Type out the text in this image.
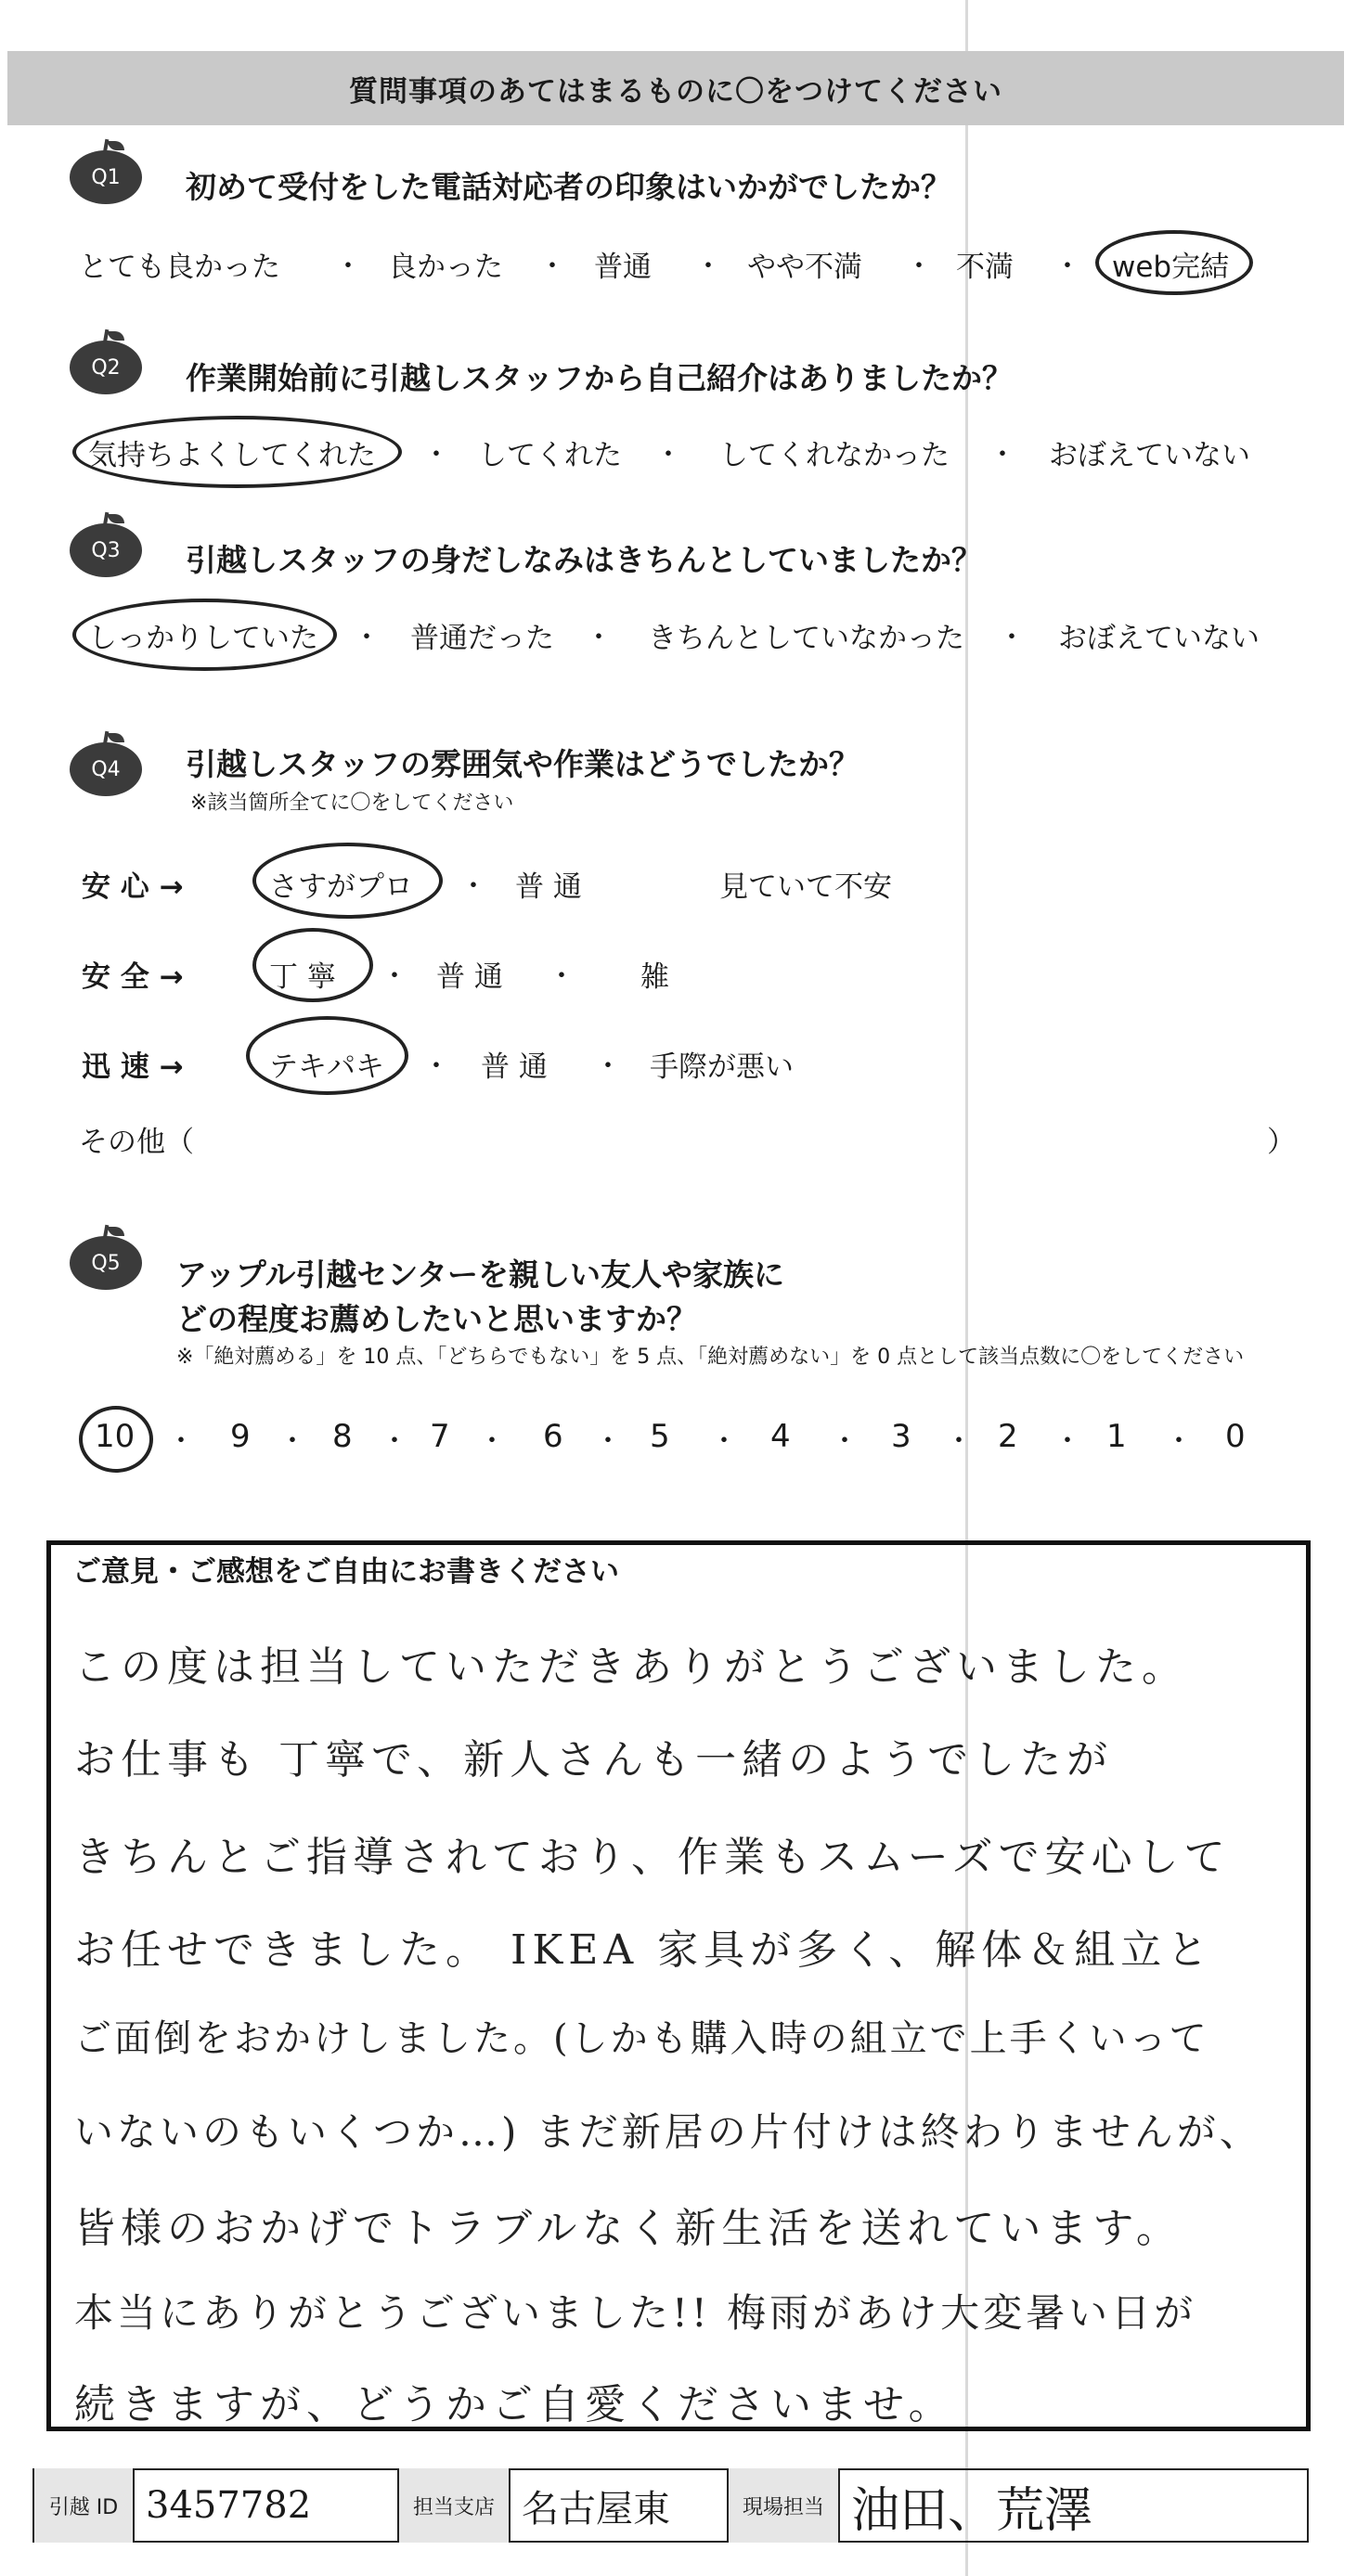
質問事項のあてはまるものに〇をつけてください
Q1 初めて受付をした電話対応者の印象はいかがでしたか？
とても良かった ・ 良かった ・ 普通 ・ やや不満 ・ 不満 ・ web完結
Q2 作業開始前に引越しスタッフから自己紹介はありましたか？
気持ちよくしてくれた ・ してくれた ・ してくれなかった ・ おぼえていない
Q3 引越しスタッフの身だしなみはきちんとしていましたか？
しっかりしていた ・ 普通だった ・ きちんとしていなかった ・ おぼえていない
Q4 引越しスタッフの雰囲気や作業はどうでしたか？
※該当箇所全てに〇をしてください
安 心 →	さすがプロ ・ 普 通	見ていて不安
安 全 →	丁 寧 ・ 普 通 ・ 雑
迅 速 →	テキパキ ・ 普 通 ・ 手際が悪い
その他（	）
Q5 アップル引越センターを親しい友人や家族に
どの程度お薦めしたいと思いますか？
※「絶対薦める」を 10 点、「どちらでもない」を 5 点、「絶対薦めない」を 0 点として該当点数に〇をしてください
10 ・ 9 ・ 8 ・ 7 ・ 6 ・ 5 ・ 4 ・ 3 ・ 2 ・ 1 ・ 0
ご意見・ご感想をご自由にお書きください
この度は担当していただきありがとうございました。
お仕事も 丁寧で、新人さんも一緒のようでしたが
きちんとご指導されており、作業もスムーズで安心して
お任せできました。 IKEA 家具が多く、解体＆組立と
ご面倒をおかけしました。(しかも購入時の組立で上手くいって
いないのもいくつか…) まだ新居の片付けは終わりませんが、
皆様のおかげでトラブルなく新生活を送れています。
本当にありがとうございました!! 梅雨があけ大変暑い日が
続きますが、どうかご自愛くださいませ。
引越 ID 3457782	担当支店 名古屋東	現場担当 油田、荒澤
